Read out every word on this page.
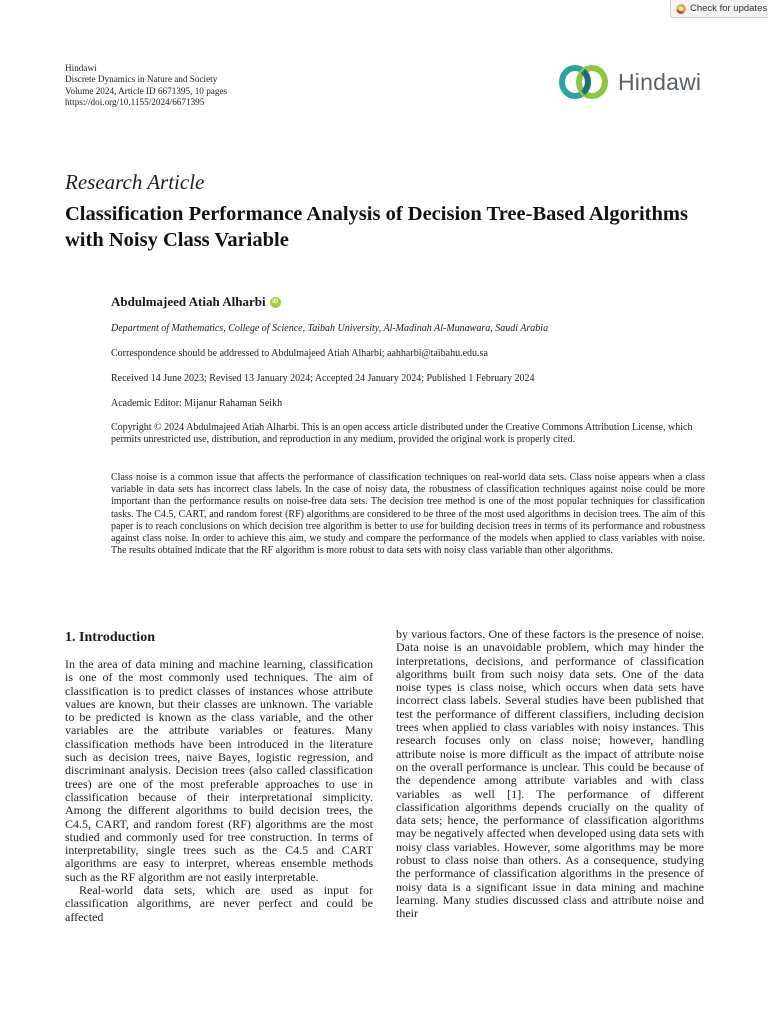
Check for updates
Hindawi
Discrete Dynamics in Nature and Society
Volume 2024, Article ID 6671395, 10 pages
https://doi.org/10.1155/2024/6671395
Hindawi
Research Article
Classification Performance Analysis of Decision Tree-Based Algorithms with Noisy Class Variable
Abdulmajeed Atiah Alharbi	iD
Department of Mathematics, College of Science, Taibah University, Al-Madinah Al-Munawara, Saudi Arabia
Correspondence should be addressed to Abdulmajeed Atiah Alharbi; aahharbi@taibahu.edu.sa
Received 14 June 2023; Revised 13 January 2024; Accepted 24 January 2024; Published 1 February 2024
Academic Editor: Mijanur Rahaman Seikh
Copyright © 2024 Abdulmajeed Atiah Alharbi. This is an open access article distributed under the Creative Commons Attribution License, which permits unrestricted use, distribution, and reproduction in any medium, provided the original work is properly cited.
Class noise is a common issue that affects the performance of classification techniques on real-world data sets. Class noise appears when a class variable in data sets has incorrect class labels. In the case of noisy data, the robustness of classification techniques against noise could be more important than the performance results on noise-free data sets. The decision tree method is one of the most popular techniques for classification tasks. The C4.5, CART, and random forest (RF) algorithms are considered to be three of the most used algorithms in decision trees. The aim of this paper is to reach conclusions on which decision tree algorithm is better to use for building decision trees in terms of its performance and robustness against class noise. In order to achieve this aim, we study and compare the performance of the models when applied to class variables with noise. The results obtained indicate that the RF algorithm is more robust to data sets with noisy class variable than other algorithms.
1. Introduction

In the area of data mining and machine learning, classification is one of the most commonly used techniques. The aim of classification is to predict classes of instances whose attribute values are known, but their classes are unknown. The variable to be predicted is known as the class variable, and the other variables are the attribute variables or features. Many classification methods have been introduced in the literature such as decision trees, naive Bayes, logistic regression, and discriminant analysis. Decision trees (also called classification trees) are one of the most preferable approaches to use in classification because of their interpretational simplicity. Among the different algorithms to build decision trees, the C4.5, CART, and random forest (RF) algorithms are the most studied and commonly used for tree construction. In terms of interpretability, single trees such as the C4.5 and CART algorithms are easy to interpret, whereas ensemble methods such as the RF algorithm are not easily interpretable.

Real-world data sets, which are used as input for classification algorithms, are never perfect and could be affected

by various factors. One of these factors is the presence of noise. Data noise is an unavoidable problem, which may hinder the interpretations, decisions, and performance of classification algorithms built from such noisy data sets. One of the data noise types is class noise, which occurs when data sets have incorrect class labels. Several studies have been published that test the performance of different classifiers, including decision trees when applied to class variables with noisy instances. This research focuses only on class noise; however, handling attribute noise is more difficult as the impact of attribute noise on the overall performance is unclear. This could be because of the dependence among attribute variables and with class variables as well [1]. The performance of different classification algorithms depends crucially on the quality of data sets; hence, the performance of classification algorithms may be negatively affected when developed using data sets with noisy class variables. However, some algorithms may be more robust to class noise than others. As a consequence, studying the performance of classification algorithms in the presence of noisy data is a significant issue in data mining and machine learning. Many studies discussed class and attribute noise and their
